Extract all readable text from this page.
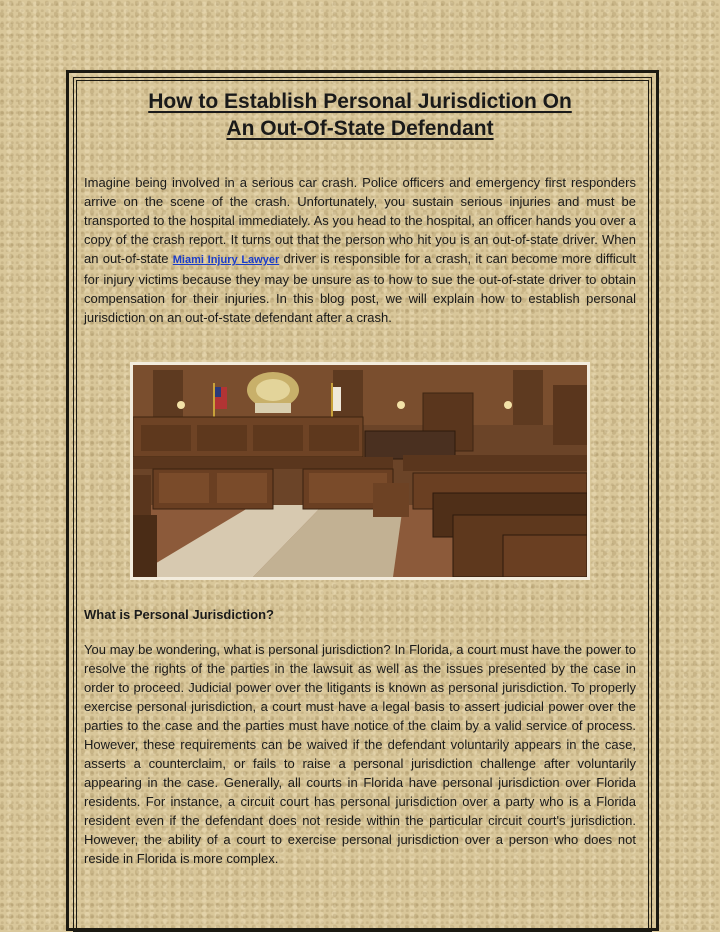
How to Establish Personal Jurisdiction On
An Out-Of-State Defendant

Imagine being involved in a serious car crash. Police officers and emergency first responders arrive on the scene of the crash. Unfortunately, you sustain serious injuries and must be transported to the hospital immediately. As you head to the hospital, an officer hands you over a copy of the crash report. It turns out that the person who hit you is an out-of-state driver. When an out-of-state Miami Injury Lawyer driver is responsible for a crash, it can become more difficult for injury victims because they may be unsure as to how to sue the out-of-state driver to obtain compensation for their injuries. In this blog post, we will explain how to establish personal jurisdiction on an out-of-state defendant after a crash.

What is Personal Jurisdiction?

You may be wondering, what is personal jurisdiction? In Florida, a court must have the power to resolve the rights of the parties in the lawsuit as well as the issues presented by the case in order to proceed. Judicial power over the litigants is known as personal jurisdiction. To properly exercise personal jurisdiction, a court must have a legal basis to assert judicial power over the parties to the case and the parties must have notice of the claim by a valid service of process. However, these requirements can be waived if the defendant voluntarily appears in the case, asserts a counterclaim, or fails to raise a personal jurisdiction challenge after voluntarily appearing in the case. Generally, all courts in Florida have personal jurisdiction over Florida residents. For instance, a circuit court has personal jurisdiction over a party who is a Florida resident even if the defendant does not reside within the particular circuit court's jurisdiction. However, the ability of a court to exercise personal jurisdiction over a person who does not reside in Florida is more complex.
